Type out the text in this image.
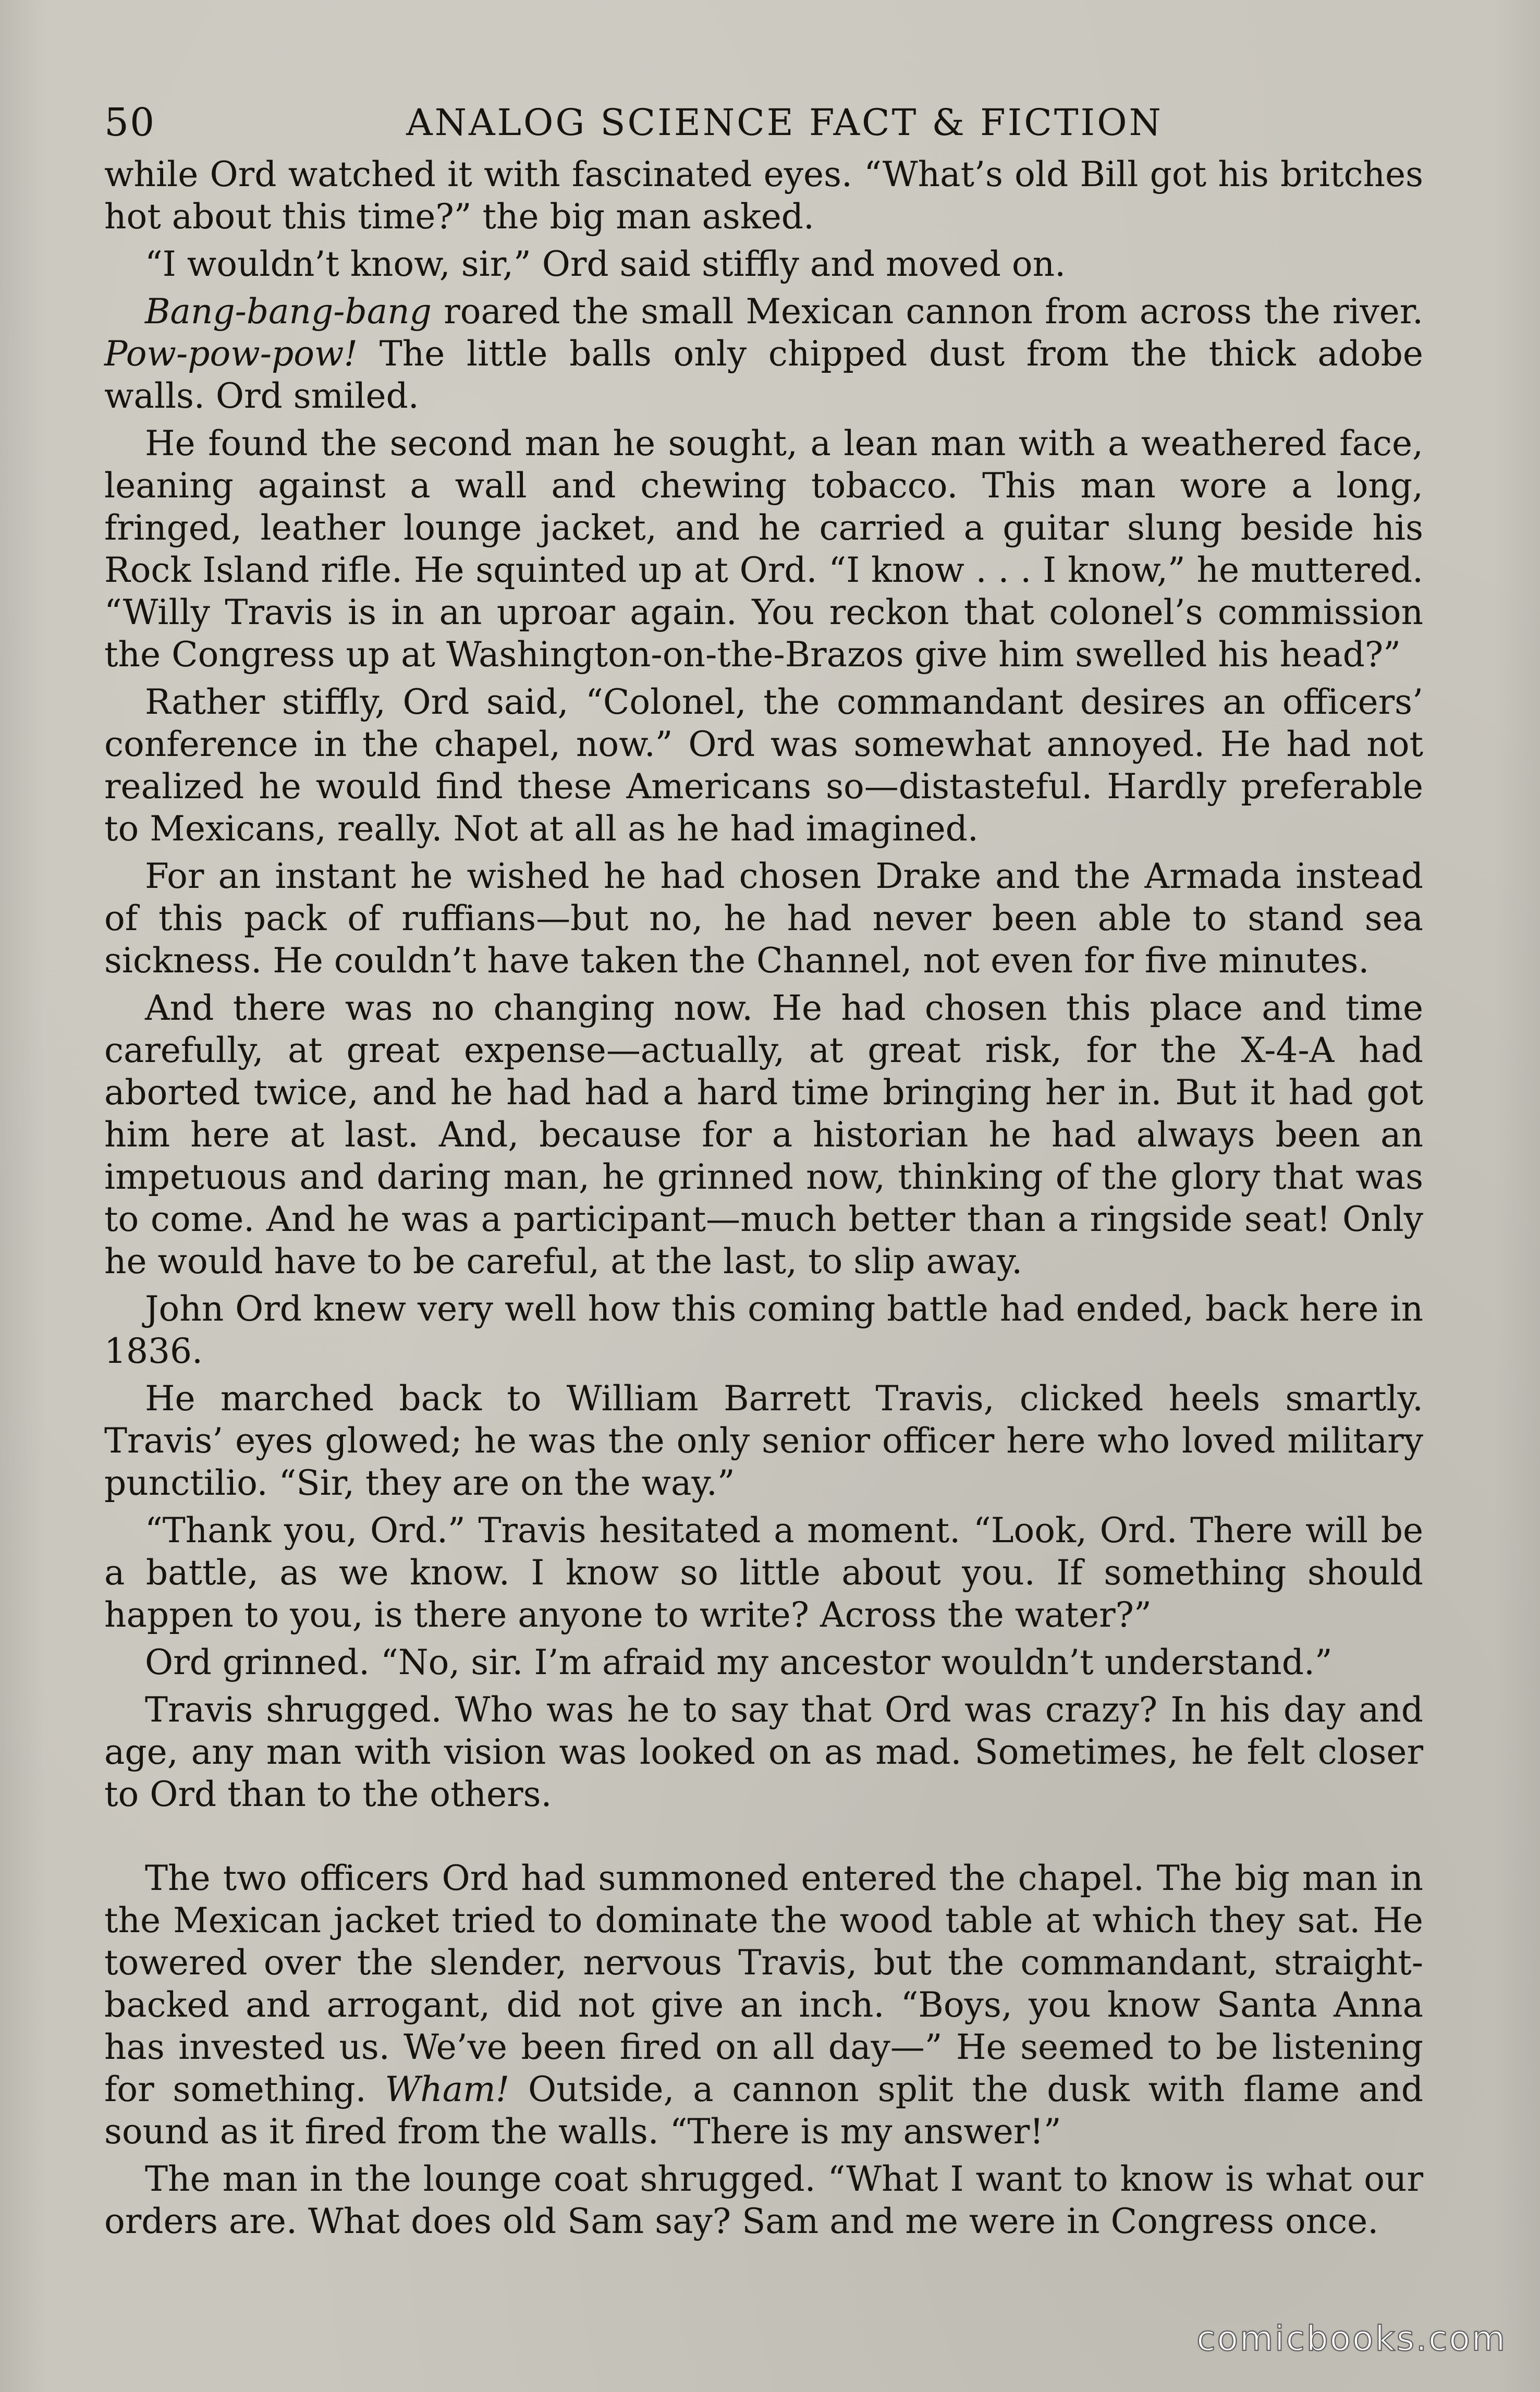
50	ANALOG SCIENCE FACT & FICTION

while Ord watched it with fascinated eyes. “What’s old Bill got his britches hot about this time?” the big man asked.

“I wouldn’t know, sir,” Ord said stiffly and moved on.

Bang-bang-bang roared the small Mexican cannon from across the river. Pow-pow-pow! The little balls only chipped dust from the thick adobe walls. Ord smiled.

He found the second man he sought, a lean man with a weathered face, leaning against a wall and chewing tobacco. This man wore a long, fringed, leather lounge jacket, and he carried a guitar slung beside his Rock Island rifle. He squinted up at Ord. “I know . . . I know,” he muttered. “Willy Travis is in an uproar again. You reckon that colonel’s commission the Congress up at Washington-on-the-Brazos give him swelled his head?”

Rather stiffly, Ord said, “Colonel, the commandant desires an officers’ conference in the chapel, now.” Ord was somewhat annoyed. He had not realized he would find these Americans so—distasteful. Hardly preferable to Mexicans, really. Not at all as he had imagined.

For an instant he wished he had chosen Drake and the Armada instead of this pack of ruffians—but no, he had never been able to stand sea sickness. He couldn’t have taken the Channel, not even for five minutes.

And there was no changing now. He had chosen this place and time carefully, at great expense—actually, at great risk, for the X-4-A had aborted twice, and he had had a hard time bringing her in. But it had got him here at last. And, because for a historian he had always been an impetuous and daring man, he grinned now, thinking of the glory that was to come. And he was a participant—much better than a ringside seat! Only he would have to be careful, at the last, to slip away.

John Ord knew very well how this coming battle had ended, back here in 1836.

He marched back to William Barrett Travis, clicked heels smartly. Travis’ eyes glowed; he was the only senior officer here who loved military punctilio. “Sir, they are on the way.”

“Thank you, Ord.” Travis hesitated a moment. “Look, Ord. There will be a battle, as we know. I know so little about you. If something should happen to you, is there anyone to write? Across the water?”

Ord grinned. “No, sir. I’m afraid my ancestor wouldn’t understand.”

Travis shrugged. Who was he to say that Ord was crazy? In his day and age, any man with vision was looked on as mad. Sometimes, he felt closer to Ord than to the others.

The two officers Ord had summoned entered the chapel. The big man in the Mexican jacket tried to dominate the wood table at which they sat. He towered over the slender, nervous Travis, but the commandant, straight-backed and arrogant, did not give an inch. “Boys, you know Santa Anna has invested us. We’ve been fired on all day—” He seemed to be listening for something. Wham! Outside, a cannon split the dusk with flame and sound as it fired from the walls. “There is my answer!”

The man in the lounge coat shrugged. “What I want to know is what our orders are. What does old Sam say? Sam and me were in Congress once.

comicbooks.com
